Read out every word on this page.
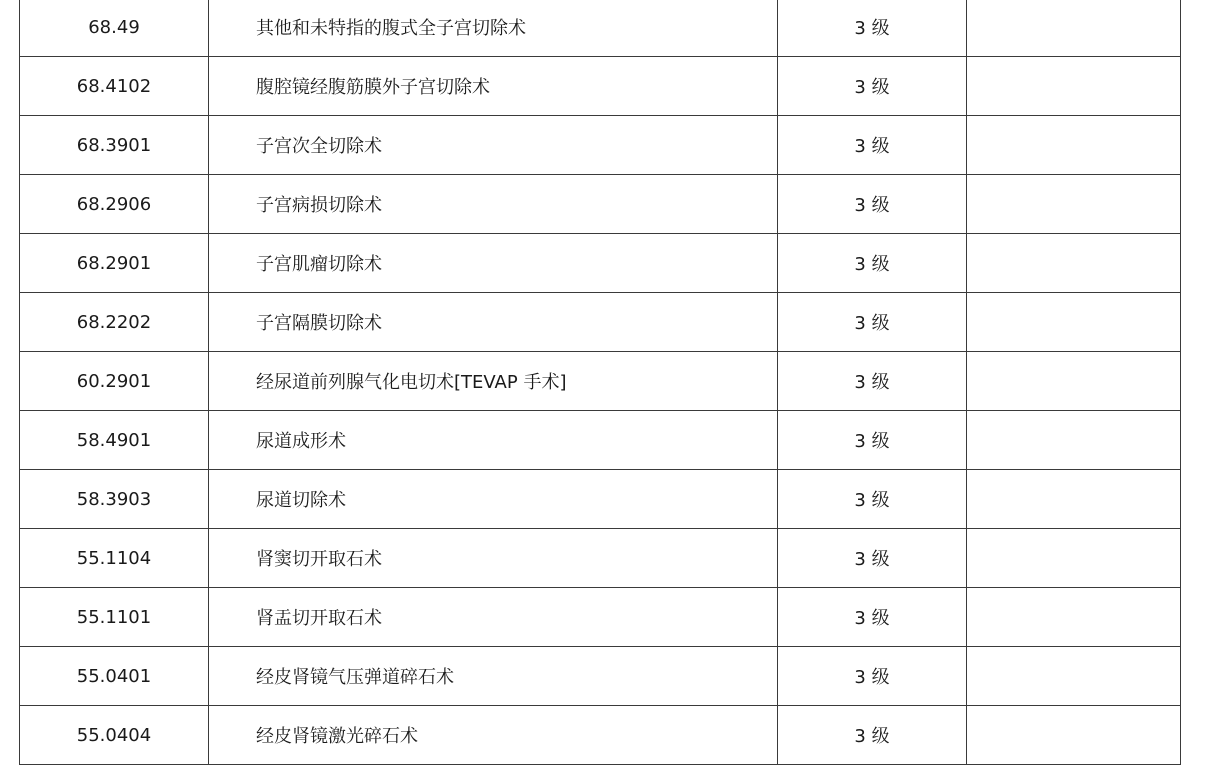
68.49	其他和未特指的腹式全子宫切除术	3 级	
68.4102	腹腔镜经腹筋膜外子宫切除术	3 级	
68.3901	子宫次全切除术	3 级	
68.2906	子宫病损切除术	3 级	
68.2901	子宫肌瘤切除术	3 级	
68.2202	子宫隔膜切除术	3 级	
60.2901	经尿道前列腺气化电切术[TEVAP 手术]	3 级	
58.4901	尿道成形术	3 级	
58.3903	尿道切除术	3 级	
55.1104	肾窦切开取石术	3 级	
55.1101	肾盂切开取石术	3 级	
55.0401	经皮肾镜气压弹道碎石术	3 级	
55.0404	经皮肾镜激光碎石术	3 级	
